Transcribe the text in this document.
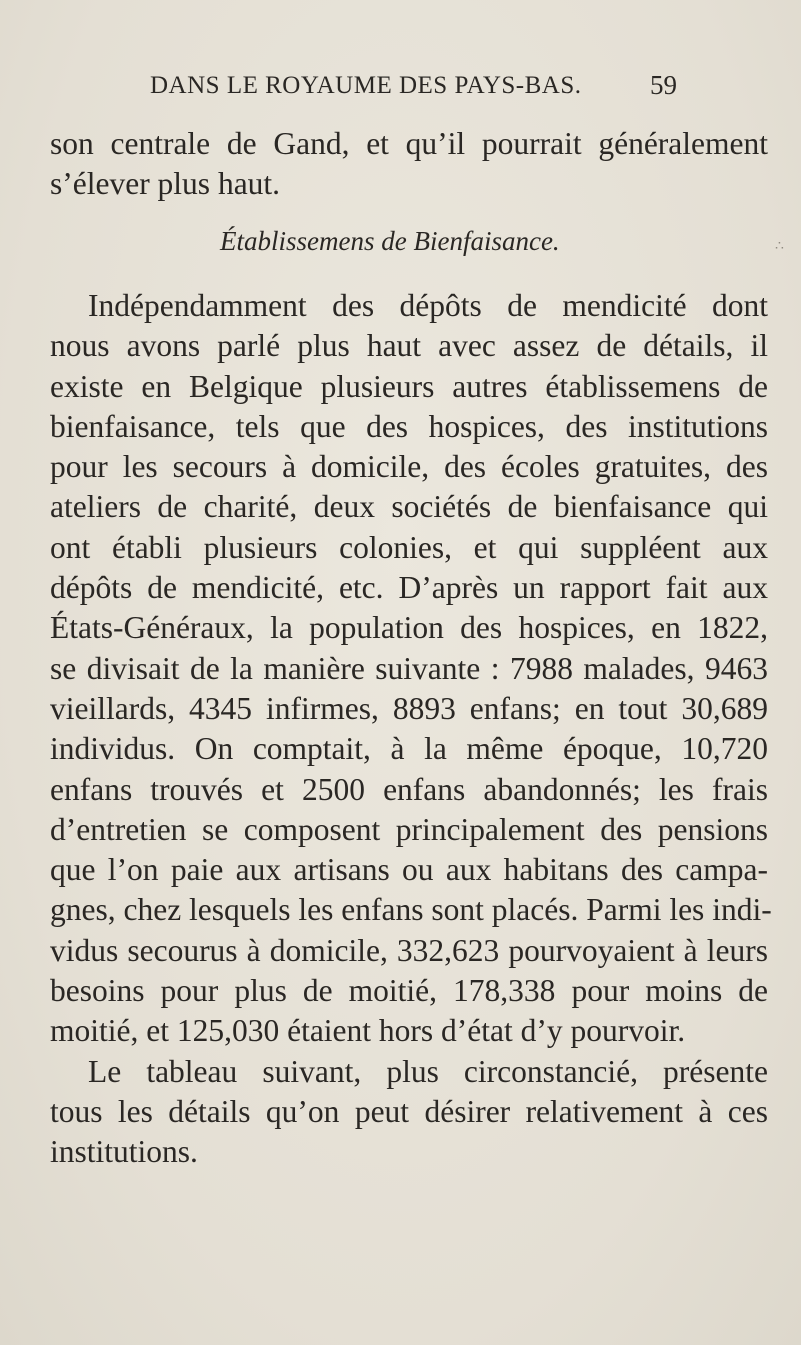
DANS LE ROYAUME DES PAYS-BAS.	59
son centrale de Gand, et qu’il pourrait généralement
s’élever plus haut.
Établissemens de Bienfaisance.

Indépendamment des dépôts de mendicité dont
nous avons parlé plus haut avec assez de détails, il
existe en Belgique plusieurs autres établissemens de
bienfaisance, tels que des hospices, des institutions
pour les secours à domicile, des écoles gratuites, des
ateliers de charité, deux sociétés de bienfaisance qui
ont établi plusieurs colonies, et qui suppléent aux
dépôts de mendicité, etc. D’après un rapport fait aux
États-Généraux, la population des hospices, en 1822,
se divisait de la manière suivante : 7988 malades, 9463
vieillards, 4345 infirmes, 8893 enfans; en tout 30,689
individus. On comptait, à la même époque, 10,720
enfans trouvés et 2500 enfans abandonnés; les frais
d’entretien se composent principalement des pensions
que l’on paie aux artisans ou aux habitans des campa-
gnes, chez lesquels les enfans sont placés. Parmi les indi-
vidus secourus à domicile, 332,623 pourvoyaient à leurs
besoins pour plus de moitié, 178,338 pour moins de
moitié, et 125,030 étaient hors d’état d’y pourvoir.

Le tableau suivant, plus circonstancié, présente
tous les détails qu’on peut désirer relativement à ces
institutions.

∴
